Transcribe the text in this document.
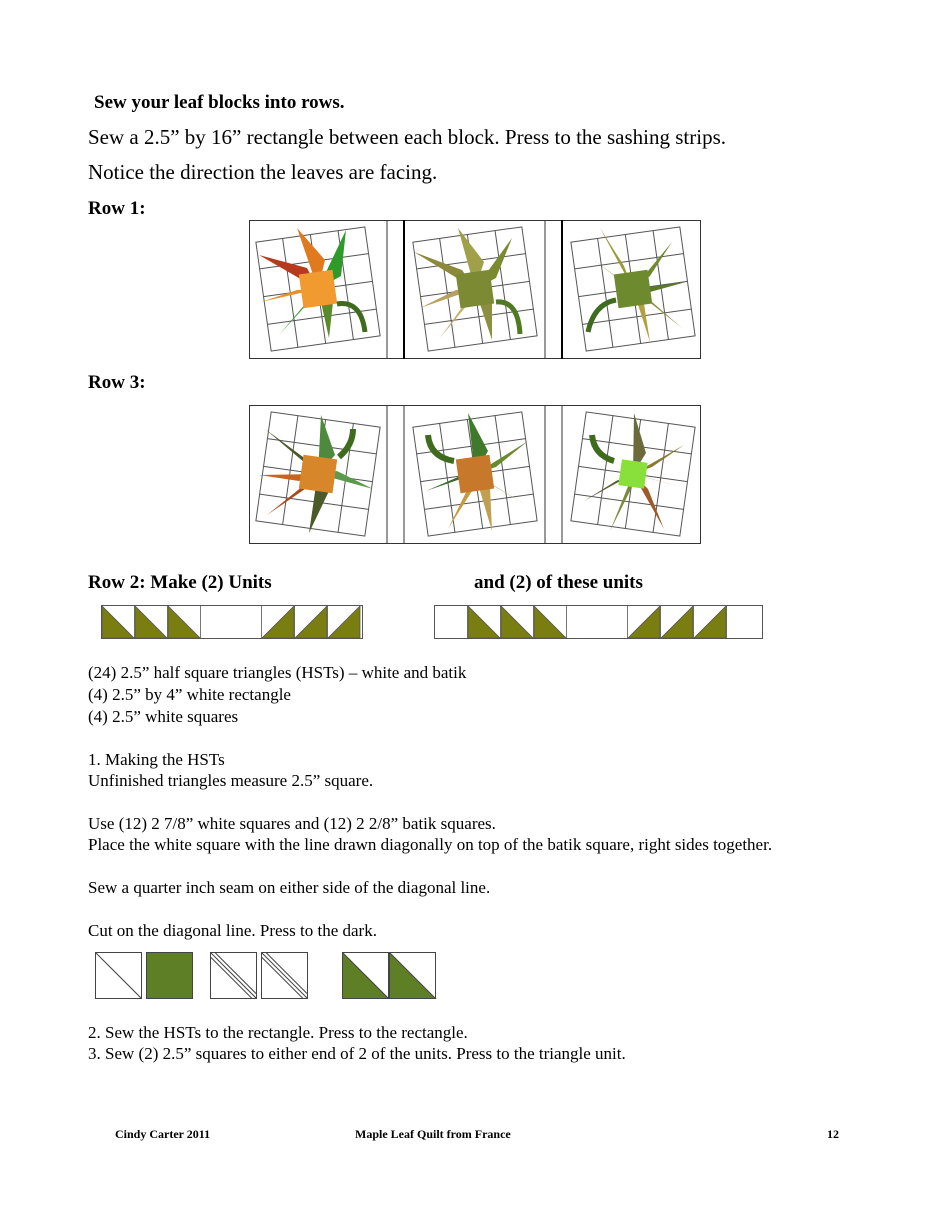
Sew your leaf blocks into rows.
Sew a 2.5” by 16” rectangle between each block. Press to the sashing strips.
Notice the direction the leaves are facing.
Row 1:
Row 3:
Row 2: Make (2) Units	and (2) of these units
(24) 2.5” half square triangles (HSTs) – white and batik
(4) 2.5” by 4” white rectangle
(4) 2.5” white squares
1. Making the HSTs
Unfinished triangles measure 2.5” square.
Use (12) 2 7/8” white squares and (12) 2 2/8” batik squares.
Place the white square with the line drawn diagonally on top of the batik square, right sides together.
Sew a quarter inch seam on either side of the diagonal line.
Cut on the diagonal line. Press to the dark.
2. Sew the HSTs to the rectangle. Press to the rectangle.
3. Sew (2) 2.5” squares to either end of 2 of the units. Press to the triangle unit.
Cindy Carter 2011	Maple Leaf Quilt from France	12
